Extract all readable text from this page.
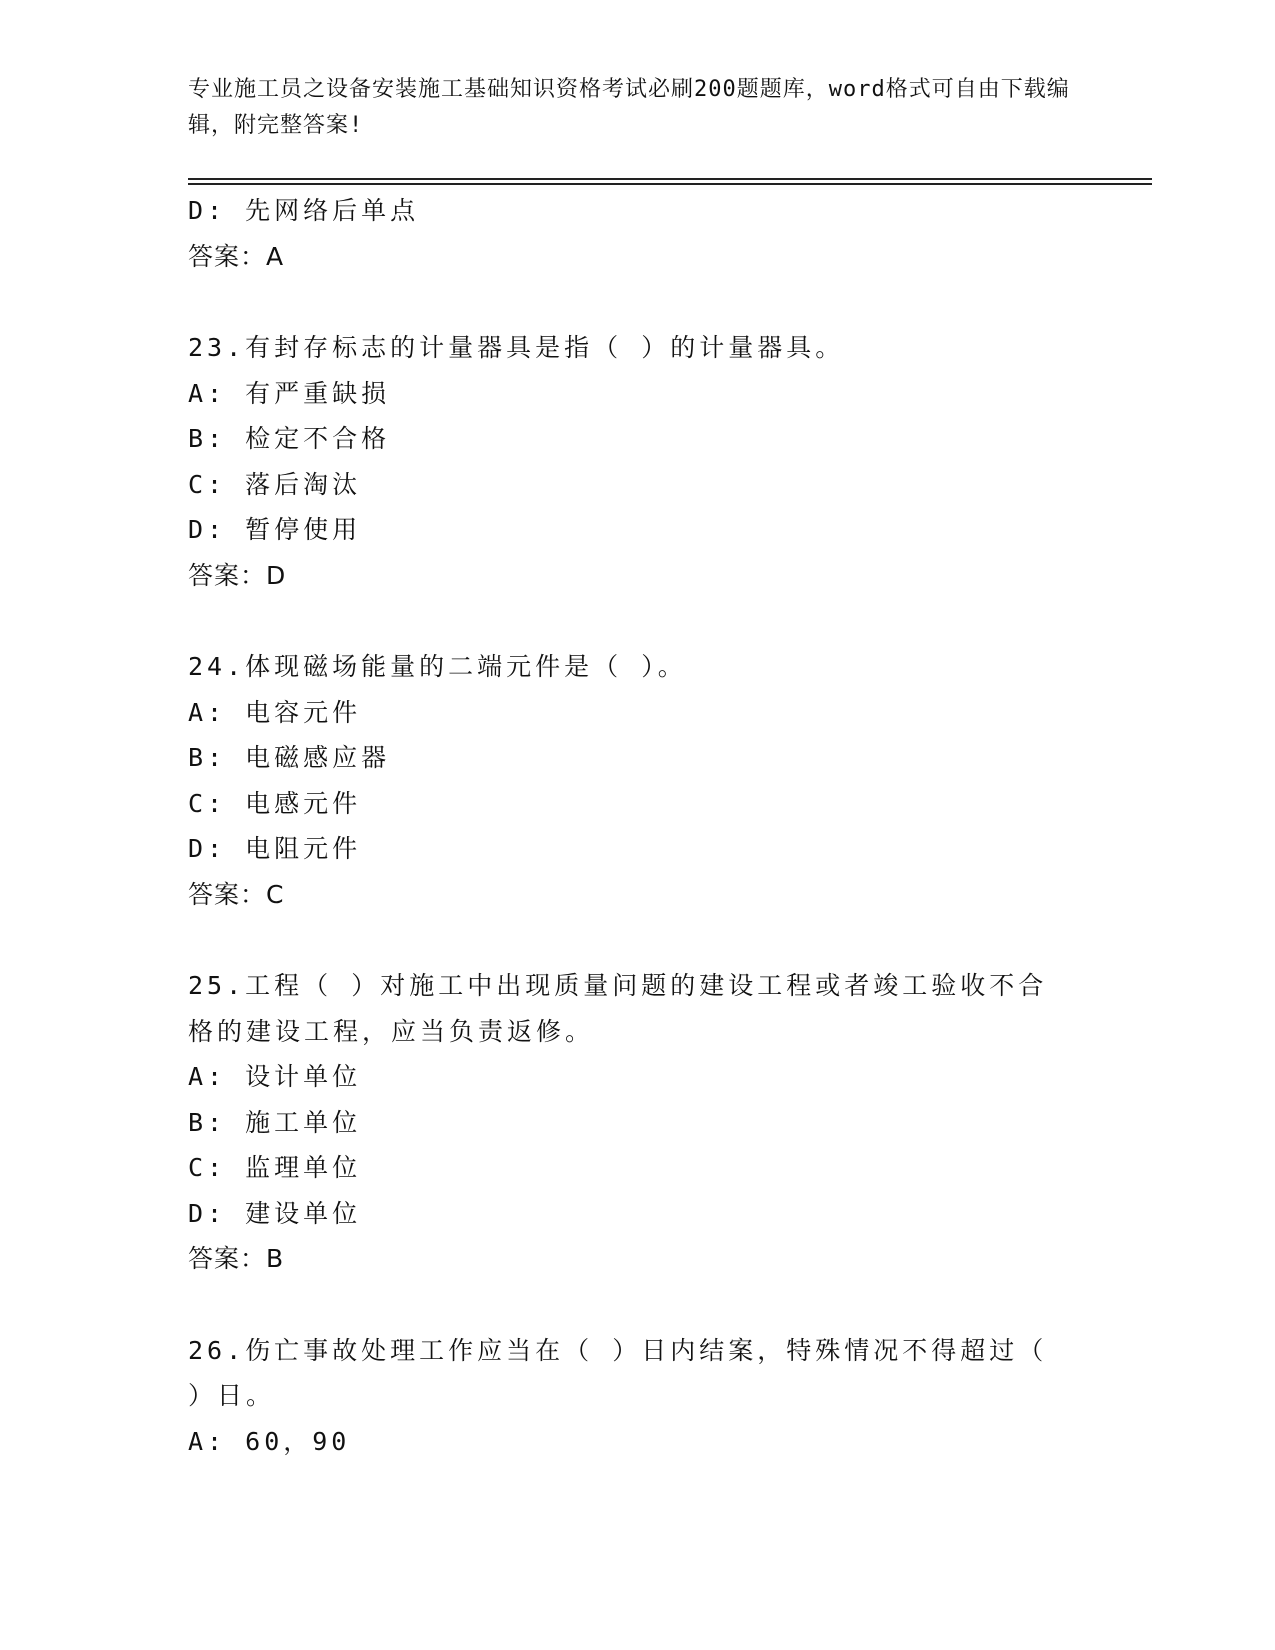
专业施工员之设备安装施工基础知识资格考试必刷200题题库，word格式可自由下载编辑，附完整答案!
D: 先网络后单点
答案：A
23.有封存标志的计量器具是指（ ）的计量器具。
A: 有严重缺损
B: 检定不合格
C: 落后淘汰
D: 暂停使用
答案：D
24.体现磁场能量的二端元件是（ ）。
A: 电容元件
B: 电磁感应器
C: 电感元件
D: 电阻元件
答案：C
25.工程（ ）对施工中出现质量问题的建设工程或者竣工验收不合格的建设工程，应当负责返修。
A: 设计单位
B: 施工单位
C: 监理单位
D: 建设单位
答案：B
26.伤亡事故处理工作应当在（ ）日内结案，特殊情况不得超过（ ）日。
A: 60，90
